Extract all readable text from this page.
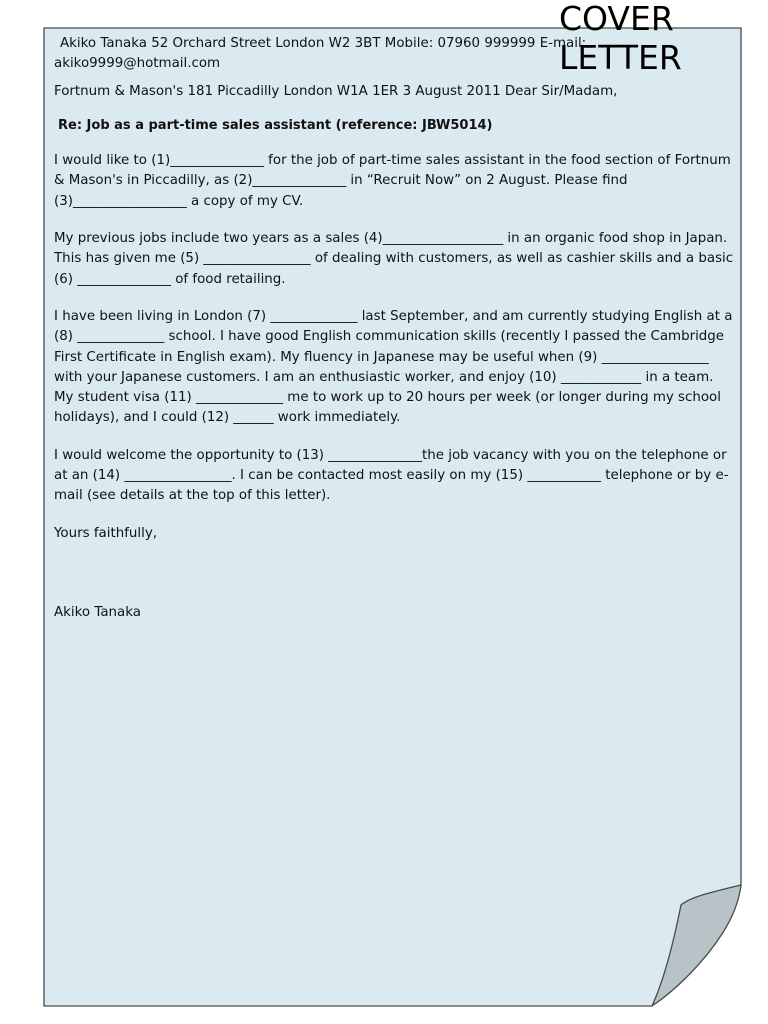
COVER
LETTER

Akiko Tanaka 52 Orchard Street London W2 3BT Mobile: 07960 999999 E-mail:
akiko9999@hotmail.com

Fortnum & Mason's 181 Piccadilly London W1A 1ER 3 August 2011 Dear Sir/Madam,

Re: Job as a part-time sales assistant (reference: JBW5014)

I would like to (1)______________ for the job of part-time sales assistant in the food section of Fortnum & Mason's in Piccadilly, as (2)______________ in “Recruit Now” on 2 August. Please find (3)_________________ a copy of my CV.

My previous jobs include two years as a sales (4)__________________ in an organic food shop in Japan. This has given me (5) ________________ of dealing with customers, as well as cashier skills and a basic (6) ______________ of food retailing.

I have been living in London (7) _____________ last September, and am currently studying English at a (8) _____________ school. I have good English communication skills (recently I passed the Cambridge First Certificate in English exam). My fluency in Japanese may be useful when (9) ________________ with your Japanese customers. I am an enthusiastic worker, and enjoy (10) ____________ in a team. My student visa (11) _____________ me to work up to 20 hours per week (or longer during my school holidays), and I could (12) ______ work immediately.

I would welcome the opportunity to (13) ______________the job vacancy with you on the telephone or at an (14) ________________. I can be contacted most easily on my (15) ___________ telephone or by e-mail (see details at the top of this letter).

Yours faithfully,

Akiko Tanaka
